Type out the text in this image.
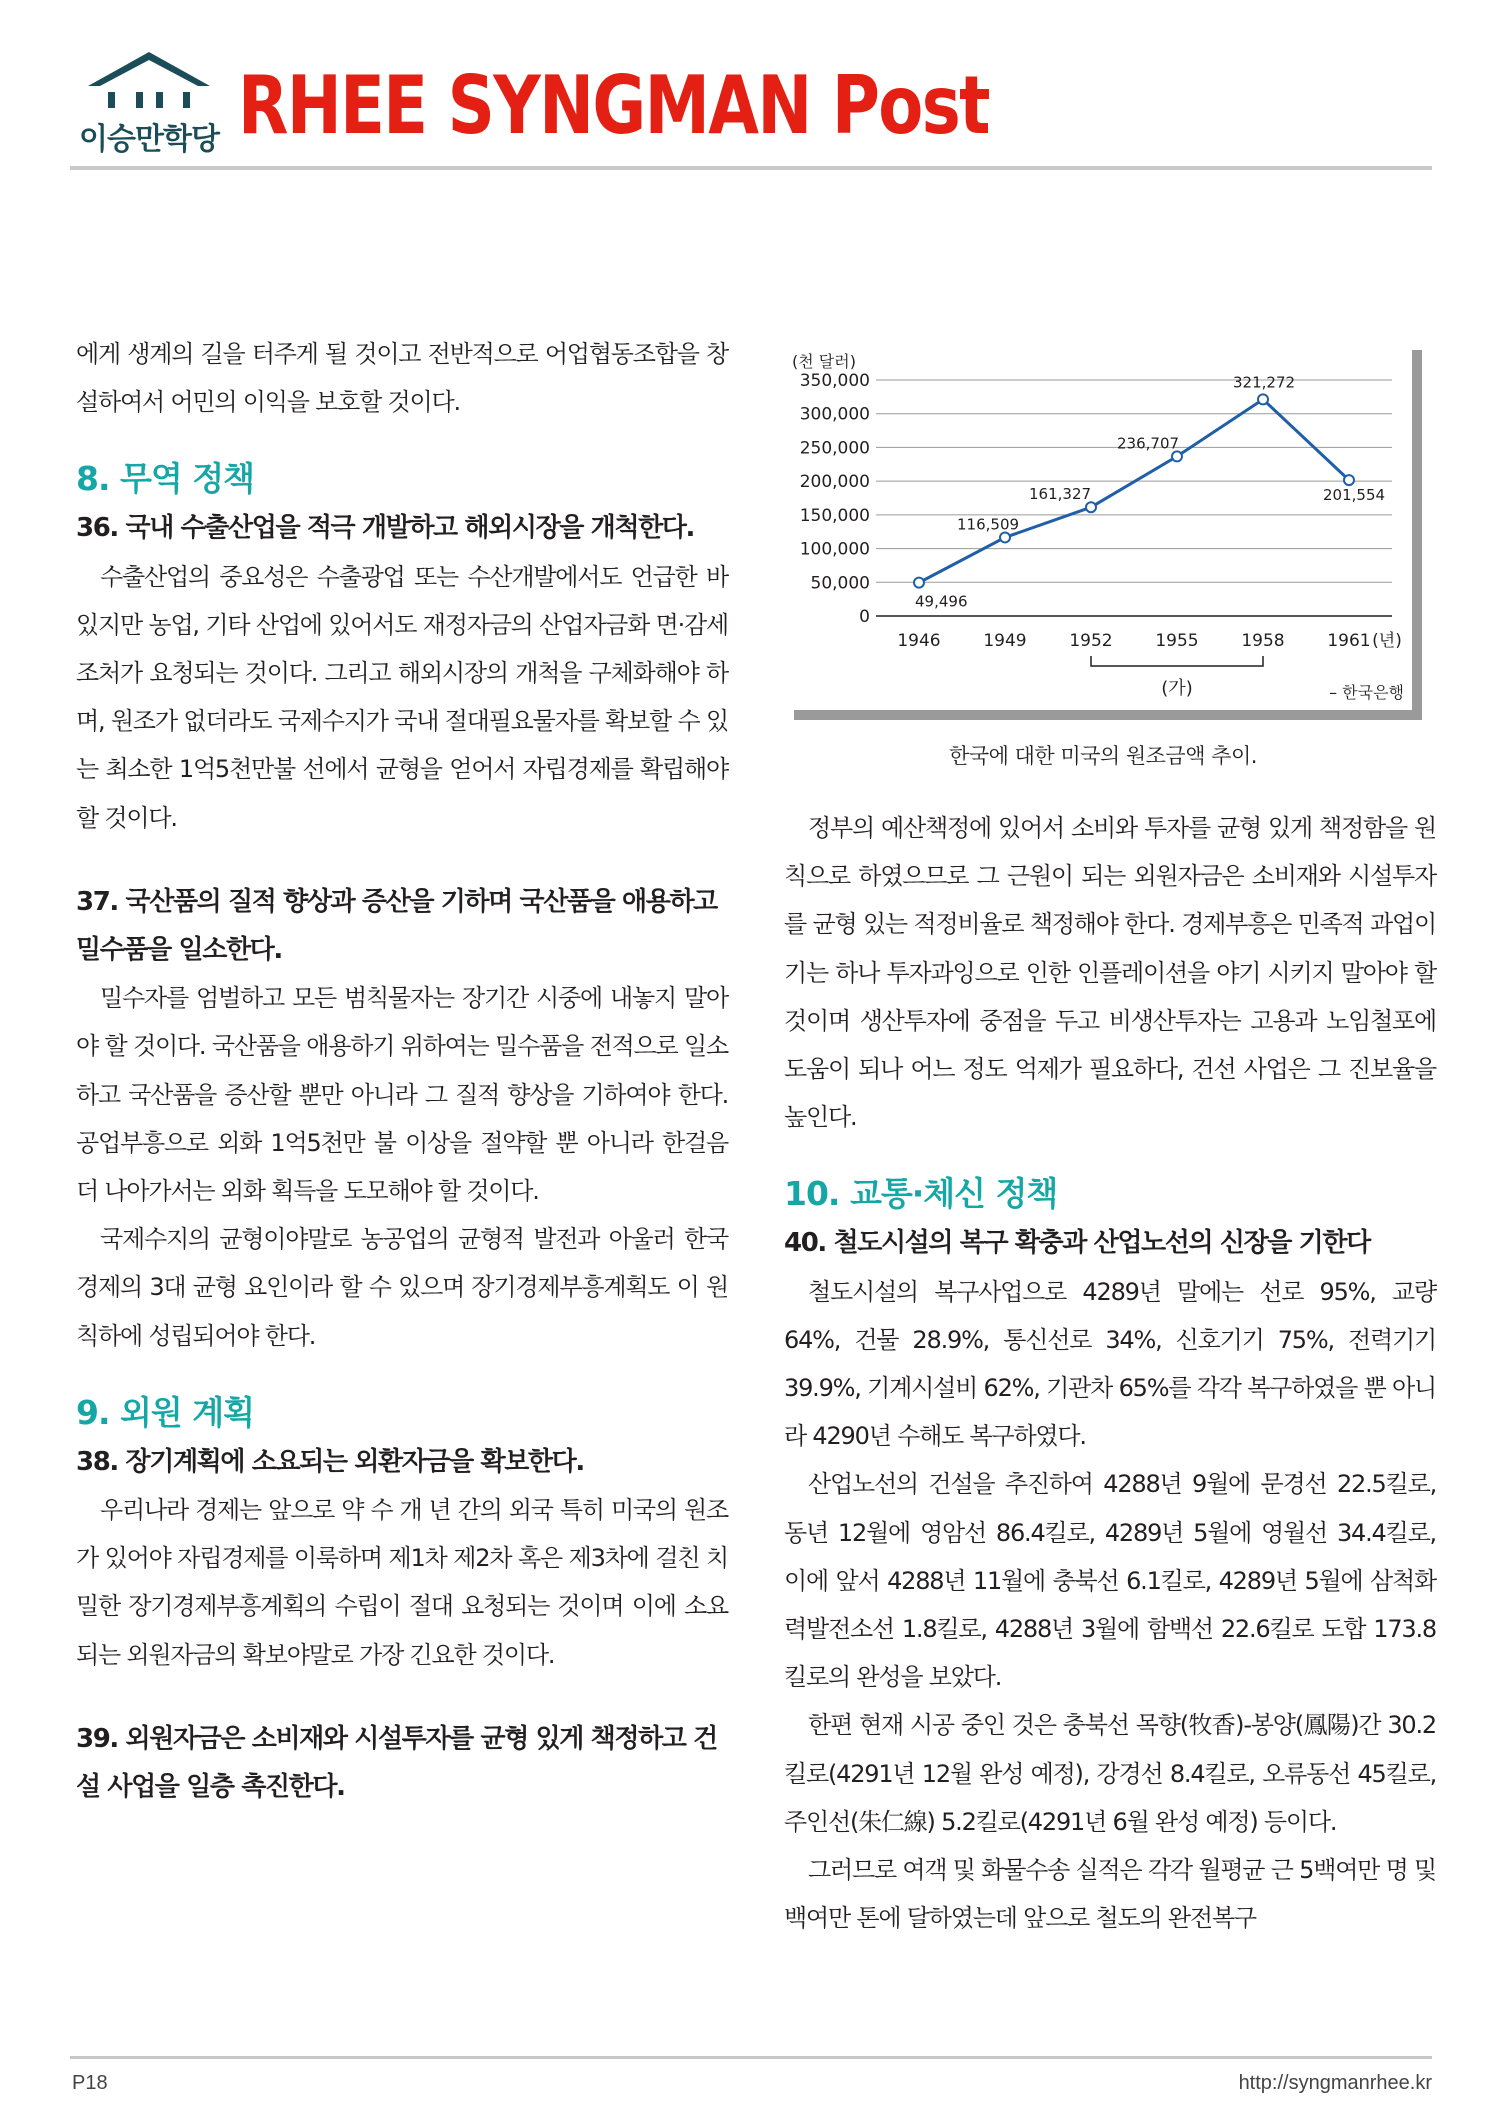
이승만학당 RHEE SYNGMAN Post

에게 생계의 길을 터주게 될 것이고 전반적으로 어업협동조합을 창설하여서 어민의 이익을 보호할 것이다.

8. 무역 정책
36. 국내 수출산업을 적극 개발하고 해외시장을 개척한다.

수출산업의 중요성은 수출광업 또는 수산개발에서도 언급한 바 있지만 농업, 기타 산업에 있어서도 재정자금의 산업자금화 면·감세 조처가 요청되는 것이다. 그리고 해외시장의 개척을 구체화해야 하며, 원조가 없더라도 국제수지가 국내 절대필요물자를 확보할 수 있는 최소한 1억5천만불 선에서 균형을 얻어서 자립경제를 확립해야 할 것이다.

37. 국산품의 질적 향상과 증산을 기하며 국산품을 애용하고 밀수품을 일소한다.

밀수자를 엄벌하고 모든 범칙물자는 장기간 시중에 내놓지 말아야 할 것이다. 국산품을 애용하기 위하여는 밀수품을 전적으로 일소하고 국산품을 증산할 뿐만 아니라 그 질적 향상을 기하여야 한다. 공업부흥으로 외화 1억5천만 불 이상을 절약할 뿐 아니라 한걸음 더 나아가서는 외화 획득을 도모해야 할 것이다.

국제수지의 균형이야말로 농공업의 균형적 발전과 아울러 한국 경제의 3대 균형 요인이라 할 수 있으며 장기경제부흥계획도 이 원칙하에 성립되어야 한다.

9. 외원 계획
38. 장기계획에 소요되는 외환자금을 확보한다.

우리나라 경제는 앞으로 약 수 개 년 간의 외국 특히 미국의 원조가 있어야 자립경제를 이룩하며 제1차 제2차 혹은 제3차에 걸친 치밀한 장기경제부흥계획의 수립이 절대 요청되는 것이며 이에 소요되는 외원자금의 확보야말로 가장 긴요한 것이다.

39. 외원자금은 소비재와 시설투자를 균형 있게 책정하고 건설 사업을 일층 촉진한다.
(천 달러)
0
50,000
100,000
150,000
200,000
250,000
300,000
350,000
1946	1949	1952	1955	1958	1961 (년)
(가)	– 한국은행
49,496
116,509
161,327
236,707
321,272
201,554
한국에 대한 미국의 원조금액 추이.

정부의 예산책정에 있어서 소비와 투자를 균형 있게 책정함을 원칙으로 하였으므로 그 근원이 되는 외원자금은 소비재와 시설투자를 균형 있는 적정비율로 책정해야 한다. 경제부흥은 민족적 과업이기는 하나 투자과잉으로 인한 인플레이션을 야기 시키지 말아야 할 것이며 생산투자에 중점을 두고 비생산투자는 고용과 노임철포에 도움이 되나 어느 정도 억제가 필요하다, 건선 사업은 그 진보율을 높인다.

10. 교통·체신 정책
40. 철도시설의 복구 확충과 산업노선의 신장을 기한다

철도시설의 복구사업으로 4289년 말에는 선로 95%, 교량 64%, 건물 28.9%, 통신선로 34%, 신호기기 75%, 전력기기 39.9%, 기계시설비 62%, 기관차 65%를 각각 복구하였을 뿐 아니라 4290년 수해도 복구하였다.

산업노선의 건설을 추진하여 4288년 9월에 문경선 22.5킬로, 동년 12월에 영암선 86.4킬로, 4289년 5월에 영월선 34.4킬로, 이에 앞서 4288년 11월에 충북선 6.1킬로, 4289년 5월에 삼척화력발전소선 1.8킬로, 4288년 3월에 함백선 22.6킬로 도합 173.8킬로의 완성을 보았다.

한편 현재 시공 중인 것은 충북선 목향(牧香)-봉양(鳳陽)간 30.2킬로(4291년 12월 완성 예정), 강경선 8.4킬로, 오류동선 45킬로, 주인선(朱仁線) 5.2킬로(4291년 6월 완성 예정) 등이다.

그러므로 여객 및 화물수송 실적은 각각 월평균 근 5백여만 명 및 백여만 톤에 달하였는데 앞으로 철도의 완전복구

P18	http://syngmanrhee.kr
